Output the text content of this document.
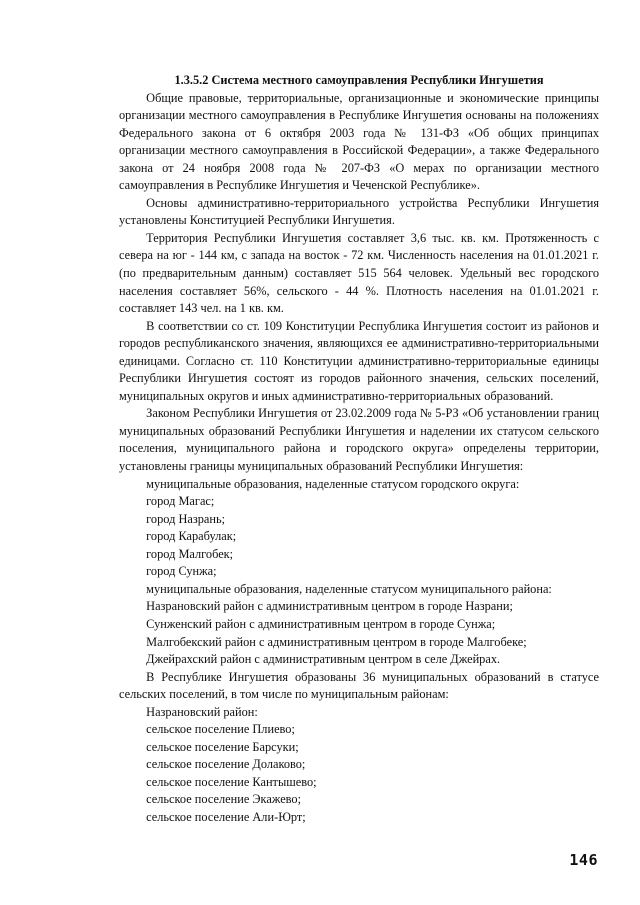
1.3.5.2 Система местного самоуправления Республики Ингушетия

Общие правовые, территориальные, организационные и экономические принципы организации местного самоуправления в Республике Ингушетия основаны на положениях Федерального закона от 6 октября 2003 года № 131-ФЗ «Об общих принципах организации местного самоуправления в Российской Федерации», а также Федерального закона от 24 ноября 2008 года № 207-ФЗ «О мерах по организации местного самоуправления в Республике Ингушетия и Чеченской Республике».

Основы административно-территориального устройства Республики Ингушетия установлены Конституцией Республики Ингушетия.

Территория Республики Ингушетия составляет 3,6 тыс. кв. км. Протяженность с севера на юг - 144 км, с запада на восток - 72 км. Численность населения на 01.01.2021 г. (по предварительным данным) составляет 515 564 человек. Удельный вес городского населения составляет 56%, сельского - 44 %. Плотность населения на 01.01.2021 г. составляет 143 чел. на 1 кв. км.

В соответствии со ст. 109 Конституции Республика Ингушетия состоит из районов и городов республиканского значения, являющихся ее административно-территориальными единицами. Согласно ст. 110 Конституции административно-территориальные единицы Республики Ингушетия состоят из городов районного значения, сельских поселений, муниципальных округов и иных административно-территориальных образований.

Законом Республики Ингушетия от 23.02.2009 года № 5-РЗ «Об установлении границ муниципальных образований Республики Ингушетия и наделении их статусом сельского поселения, муниципального района и городского округа» определены территории, установлены границы муниципальных образований Республики Ингушетия:

муниципальные образования, наделенные статусом городского округа:

город Магас;

город Назрань;

город Карабулак;

город Малгобек;

город Сунжа;

муниципальные образования, наделенные статусом муниципального района:

Назрановский район с административным центром в городе Назрани;

Сунженский район с административным центром в городе Сунжа;

Малгобекский район с административным центром в городе Малгобеке;

Джейрахский район с административным центром в селе Джейрах.

В Республике Ингушетия образованы 36 муниципальных образований в статусе сельских поселений, в том числе по муниципальным районам:

Назрановский район:

сельское поселение Плиево;

сельское поселение Барсуки;

сельское поселение Долаково;

сельское поселение Кантышево;

сельское поселение Экажево;

сельское поселение Али-Юрт;

146
